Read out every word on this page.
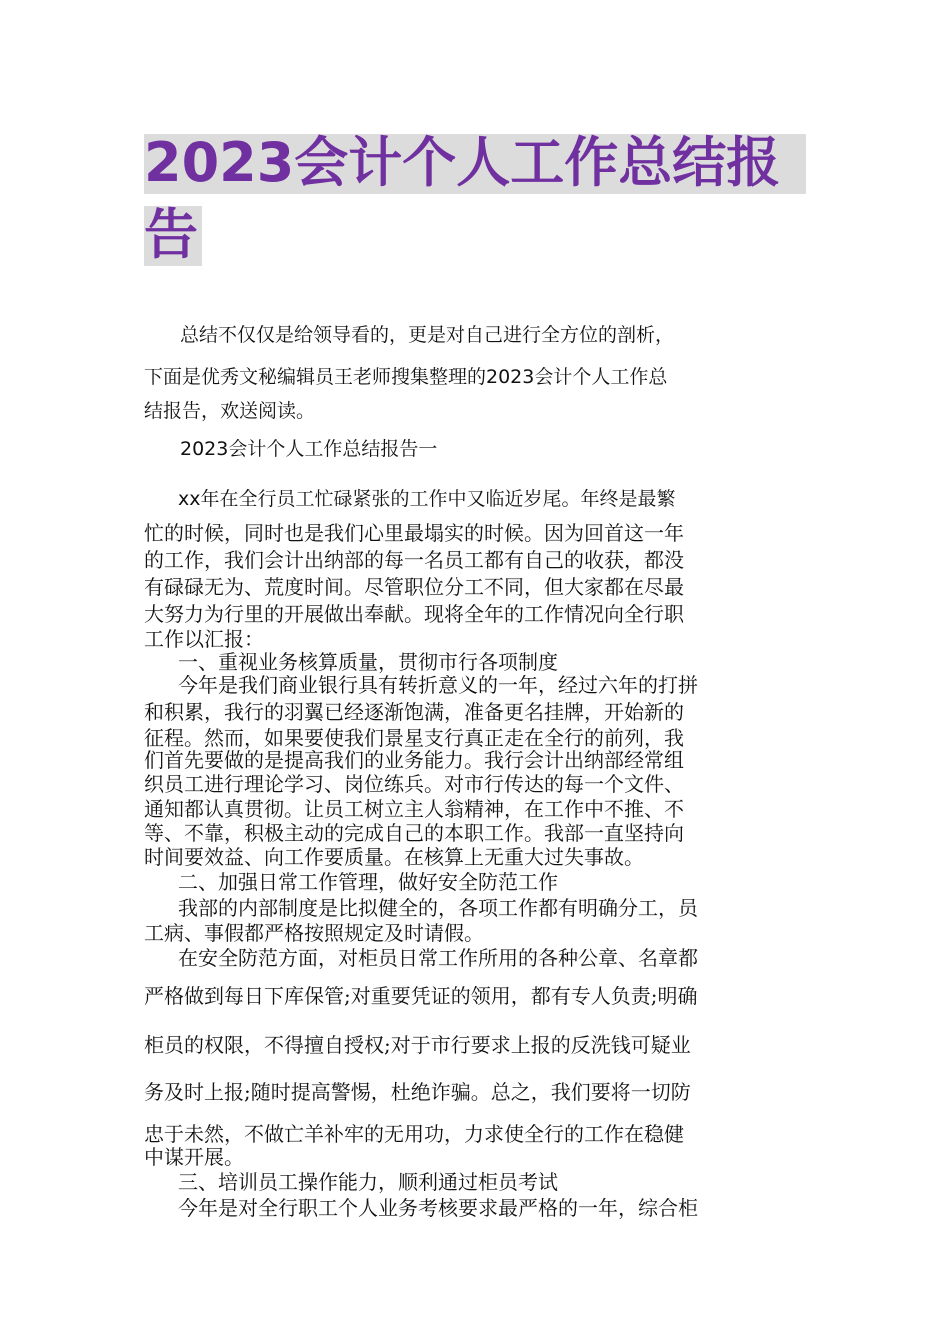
2023会计个人工作总结报
告
总结不仅仅是给领导看的，更是对自己进行全方位的剖析，
下面是优秀文秘编辑员王老师搜集整理的2023会计个人工作总
结报告，欢送阅读。
2023会计个人工作总结报告一
xx年在全行员工忙碌紧张的工作中又临近岁尾。年终是最繁
忙的时候，同时也是我们心里最塌实的时候。因为回首这一年
的工作，我们会计出纳部的每一名员工都有自己的收获，都没
有碌碌无为、荒度时间。尽管职位分工不同，但大家都在尽最
大努力为行里的开展做出奉献。现将全年的工作情况向全行职
工作以汇报：
一、重视业务核算质量，贯彻市行各项制度
今年是我们商业银行具有转折意义的一年，经过六年的打拼
和积累，我行的羽翼已经逐渐饱满，准备更名挂牌，开始新的
征程。然而，如果要使我们景星支行真正走在全行的前列，我
们首先要做的是提高我们的业务能力。我行会计出纳部经常组
织员工进行理论学习、岗位练兵。对市行传达的每一个文件、
通知都认真贯彻。让员工树立主人翁精神，在工作中不推、不
等、不靠，积极主动的完成自己的本职工作。我部一直坚持向
时间要效益、向工作要质量。在核算上无重大过失事故。
二、加强日常工作管理，做好安全防范工作
我部的内部制度是比拟健全的，各项工作都有明确分工，员
工病、事假都严格按照规定及时请假。
在安全防范方面，对柜员日常工作所用的各种公章、名章都
严格做到每日下库保管;对重要凭证的领用，都有专人负责;明确
柜员的权限，不得擅自授权;对于市行要求上报的反洗钱可疑业
务及时上报;随时提高警惕，杜绝诈骗。总之，我们要将一切防
忠于未然，不做亡羊补牢的无用功，力求使全行的工作在稳健
中谋开展。
三、培训员工操作能力，顺利通过柜员考试
今年是对全行职工个人业务考核要求最严格的一年，综合柜
